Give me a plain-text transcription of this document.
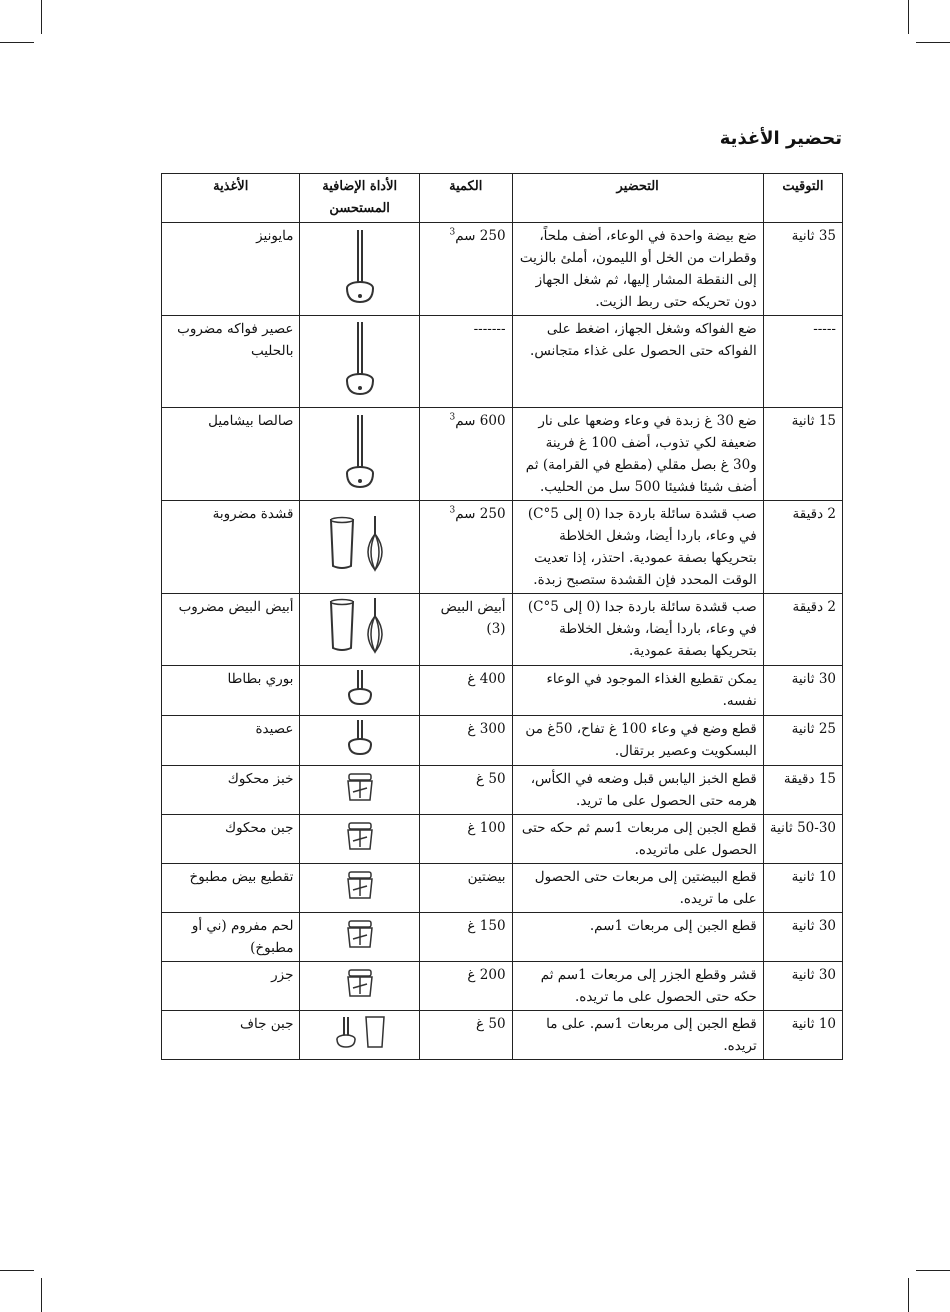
تحضير الأغذية
التوقيت	التحضير	الكمية	الأداة الإضافية المستحسن	الأغذية
35 ثانية	ضع بيضة واحدة في الوعاء، أضف ملحاً، وقطرات من الخل أو الليمون، أملئ بالزيت إلى النقطة المشار إليها، ثم شغل الجهاز دون تحريكه حتى ربط الزيت.	250 سم$^3$		مايونيز
-----	ضع الفواكه وشغل الجهاز، اضغط على الفواكه حتى الحصول على غذاء متجانس.	-------		عصير فواكه مضروب بالحليب
15 ثانية	ضع 30 غ زبدة في وعاء وضعها على نار ضعيفة لكي تذوب، أضف 100 غ فرينة و30 غ بصل مقلي (مقطع في القرامة) ثم أضف شيئا فشيئا 500 سل من الحليب.	600 سم$^3$		صالصا بيشاميل
2 دقيقة	صب قشدة سائلة باردة جدا (0 إلى 5°C) في وعاء، باردا أيضا، وشغل الخلاطة بتحريكها بصفة عمودية. احتذر، إذا تعديت الوقت المحدد فإن القشدة ستصبح زبدة.	250 سم$^3$		قشدة مضروبة
2 دقيقة	صب قشدة سائلة باردة جدا (0 إلى 5°C) في وعاء، باردا أيضا، وشغل الخلاطة بتحريكها بصفة عمودية.	أبيض البيض (3)		أبيض البيض مضروب
30 ثانية	يمكن تقطيع الغذاء الموجود في الوعاء نفسه.	400 غ		بوري بطاطا
25 ثانية	قطع وضع في وعاء 100 غ تفاح، 50غ من البسكويت وعصير برتقال.	300 غ		عصيدة
15 دقيقة	قطع الخبز اليابس قبل وضعه في الكأس، هرمه حتى الحصول على ما تريد.	50 غ		خبز محكوك
50-30 ثانية	قطع الجبن إلى مربعات 1سم ثم حكه حتى الحصول على ماتريده.	100 غ		جبن محكوك
10 ثانية	قطع البيضتين إلى مربعات حتى الحصول على ما تريده.	بيضتين		تقطيع بيض مطبوخ
30 ثانية	قطع الجبن إلى مربعات 1سم.	150 غ		لحم مفروم (ني أو مطبوخ)
30 ثانية	قشر وقطع الجزر إلى مربعات 1سم ثم حكه حتى الحصول على ما تريده.	200 غ		جزر
10 ثانية	قطع الجبن إلى مربعات 1سم. على ما تريده.	50 غ		جبن جاف
